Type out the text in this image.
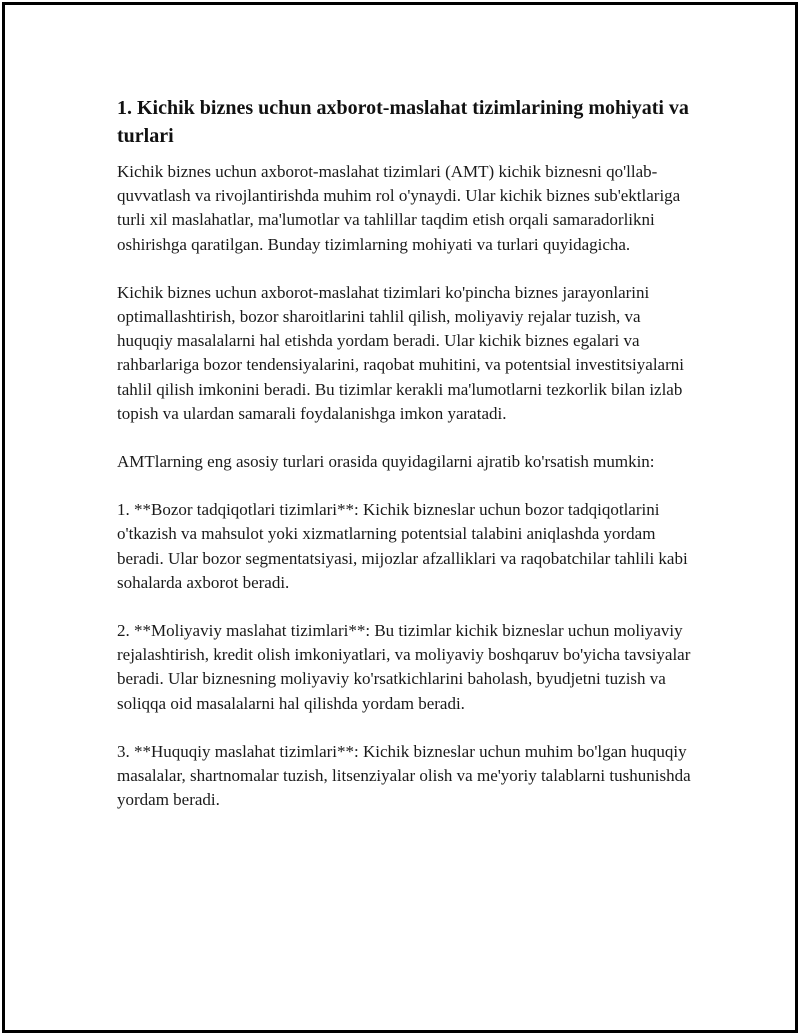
1. Kichik biznes uchun axborot-maslahat tizimlarining mohiyati va turlari

Kichik biznes uchun axborot-maslahat tizimlari (AMT) kichik biznesni qo'llab-quvvatlash va rivojlantirishda muhim rol o'ynaydi. Ular kichik biznes sub'ektlariga turli xil maslahatlar, ma'lumotlar va tahlillar taqdim etish orqali samaradorlikni oshirishga qaratilgan. Bunday tizimlarning mohiyati va turlari quyidagicha.

Kichik biznes uchun axborot-maslahat tizimlari ko'pincha biznes jarayonlarini optimallashtirish, bozor sharoitlarini tahlil qilish, moliyaviy rejalar tuzish, va huquqiy masalalarni hal etishda yordam beradi. Ular kichik biznes egalari va rahbarlariga bozor tendensiyalarini, raqobat muhitini, va potentsial investitsiyalarni tahlil qilish imkonini beradi. Bu tizimlar kerakli ma'lumotlarni tezkorlik bilan izlab topish va ulardan samarali foydalanishga imkon yaratadi.

AMTlarning eng asosiy turlari orasida quyidagilarni ajratib ko'rsatish mumkin:

1. **Bozor tadqiqotlari tizimlari**: Kichik bizneslar uchun bozor tadqiqotlarini o'tkazish va mahsulot yoki xizmatlarning potentsial talabini aniqlashda yordam beradi. Ular bozor segmentatsiyasi, mijozlar afzalliklari va raqobatchilar tahlili kabi sohalarda axborot beradi.

2. **Moliyaviy maslahat tizimlari**: Bu tizimlar kichik bizneslar uchun moliyaviy rejalashtirish, kredit olish imkoniyatlari, va moliyaviy boshqaruv bo'yicha tavsiyalar beradi. Ular biznesning moliyaviy ko'rsatkichlarini baholash, byudjetni tuzish va soliqqa oid masalalarni hal qilishda yordam beradi.

3. **Huquqiy maslahat tizimlari**: Kichik bizneslar uchun muhim bo'lgan huquqiy masalalar, shartnomalar tuzish, litsenziyalar olish va me'yoriy talablarni tushunishda yordam beradi.
